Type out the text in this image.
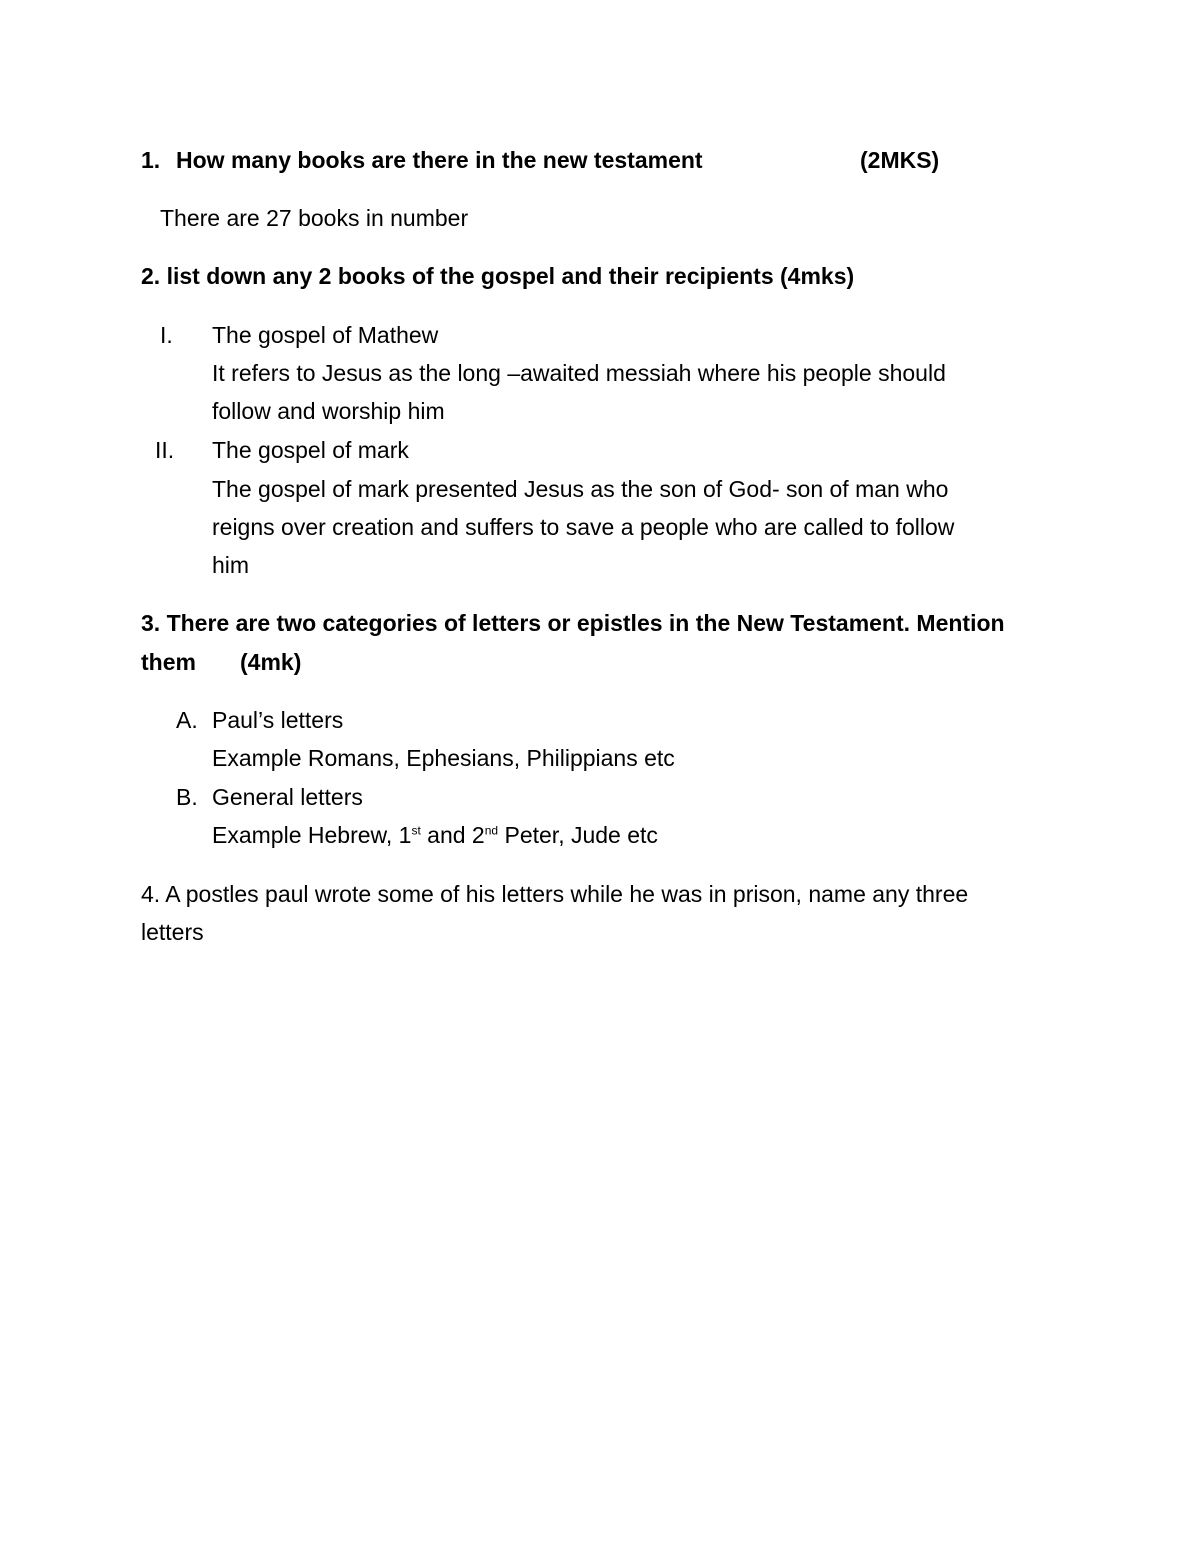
1. How many books are there in the new testament	(2MKS)
There are 27 books in number
2. list down any 2 books of the gospel and their recipients (4mks)
I. The gospel of Mathew
It refers to Jesus as the long –awaited messiah where his people should
follow and worship him
II. The gospel of mark
The gospel of mark presented Jesus as the son of God- son of man who
reigns over creation and suffers to save a people who are called to follow
him
3. There are two categories of letters or epistles in the New Testament. Mention
them (4mk)
A. Paul’s letters
Example Romans, Ephesians, Philippians etc
B. General letters
Example Hebrew, 1st and 2nd Peter, Jude etc
4. A postles paul wrote some of his letters while he was in prison, name any three
letters
